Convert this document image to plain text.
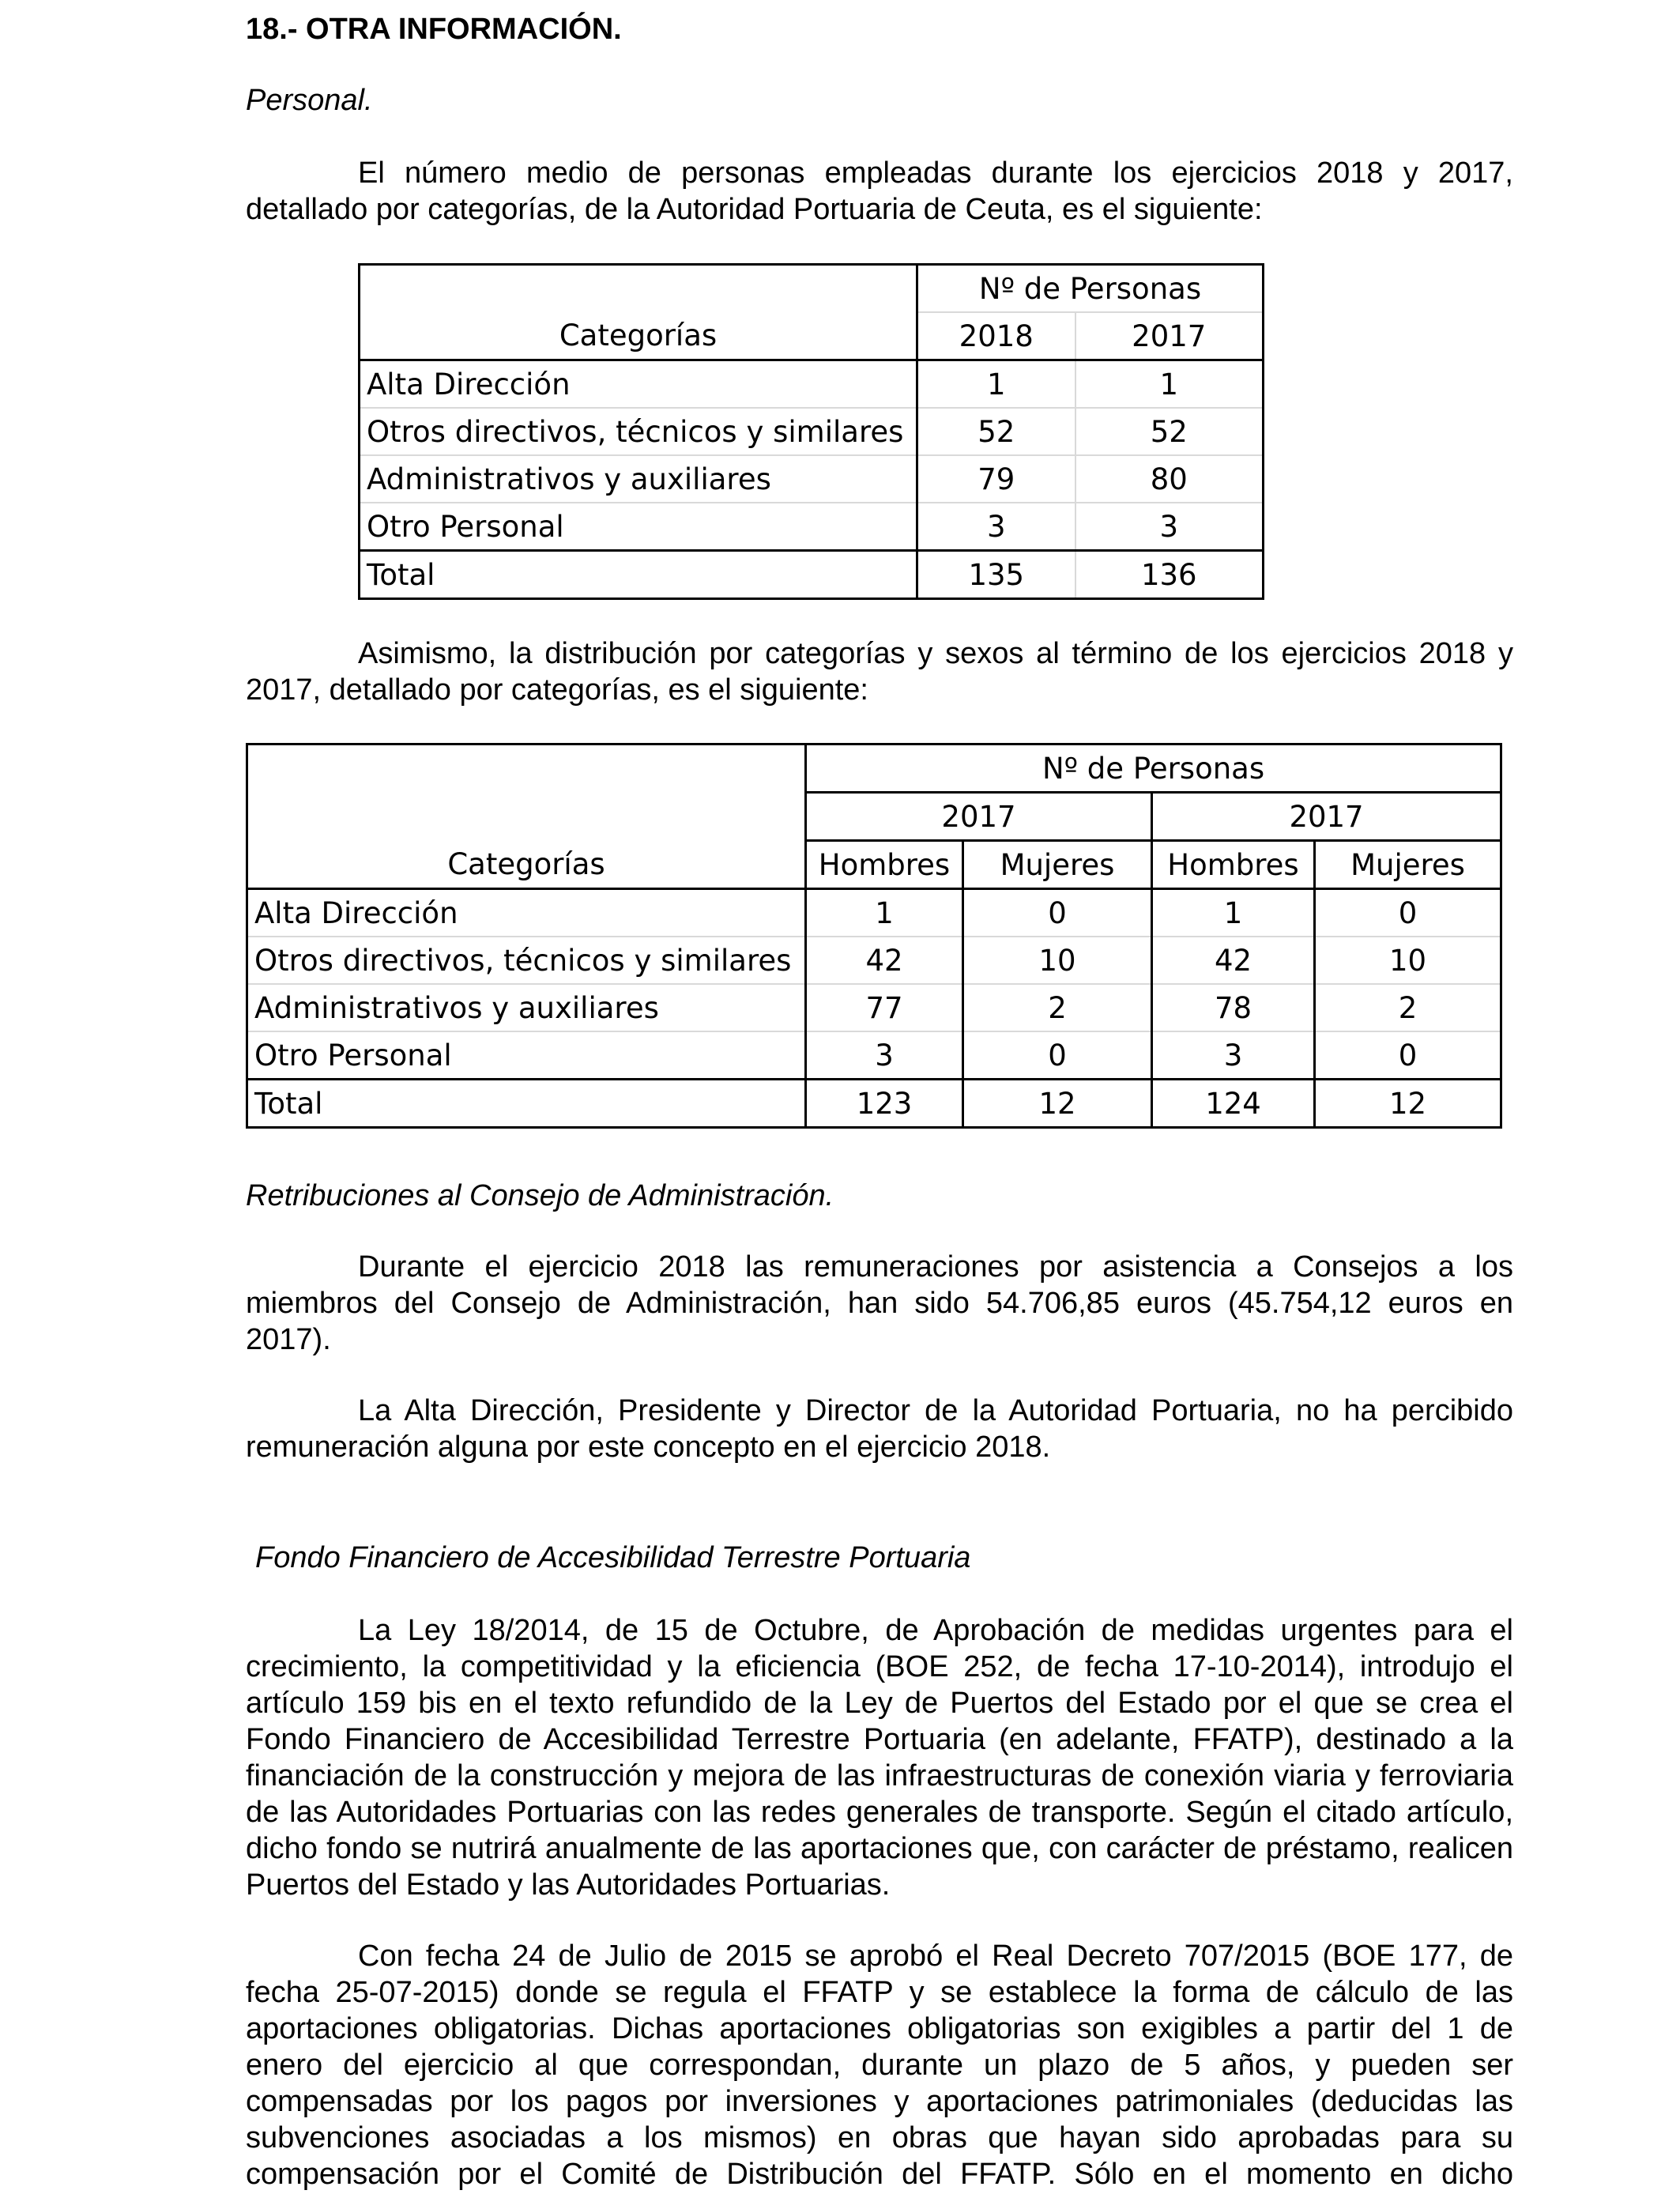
18.- OTRA INFORMACIÓN.
Personal.
El número medio de personas empleadas durante los ejercicios 2018 y 2017, detallado por categorías, de la Autoridad Portuaria de Ceuta, es el siguiente:
	Nº de Personas	
Categorías	2018	2017
Alta Dirección	1	1
Otros directivos, técnicos y similares	52	52
Administrativos y auxiliares	79	80
Otro Personal	3	3
Total	135	136
Asimismo, la distribución por categorías y sexos al término de los ejercicios 2018 y 2017, detallado por categorías, es el siguiente:
	Nº de Personas			
	2017		2017	
Categorías	Hombres	Mujeres	Hombres	Mujeres
Alta Dirección	1	0	1	0
Otros directivos, técnicos y similares	42	10	42	10
Administrativos y auxiliares	77	2	78	2
Otro Personal	3	0	3	0
Total	123	12	124	12
Retribuciones al Consejo de Administración.
Durante el ejercicio 2018 las remuneraciones por asistencia a Consejos a los miembros del Consejo de Administración, han sido 54.706,85 euros (45.754,12 euros en 2017).
La Alta Dirección, Presidente y Director de la Autoridad Portuaria, no ha percibido remuneración alguna por este concepto en el ejercicio 2018.
Fondo Financiero de Accesibilidad Terrestre Portuaria
La Ley 18/2014, de 15 de Octubre, de Aprobación de medidas urgentes para el crecimiento, la competitividad y la eficiencia (BOE 252, de fecha 17-10-2014), introdujo el artículo 159 bis en el texto refundido de la Ley de Puertos del Estado por el que se crea el Fondo Financiero de Accesibilidad Terrestre Portuaria (en adelante, FFATP), destinado a la financiación de la construcción y mejora de las infraestructuras de conexión viaria y ferroviaria de las Autoridades Portuarias con las redes generales de transporte. Según el citado artículo, dicho fondo se nutrirá anualmente de las aportaciones que, con carácter de préstamo, realicen Puertos del Estado y las Autoridades Portuarias.
Con fecha 24 de Julio de 2015 se aprobó el Real Decreto 707/2015 (BOE 177, de fecha 25-07-2015) donde se regula el FFATP y se establece la forma de cálculo de las aportaciones obligatorias. Dichas aportaciones obligatorias son exigibles a partir del 1 de enero del ejercicio al que correspondan, durante un plazo de 5 años, y pueden ser compensadas por los pagos por inversiones y aportaciones patrimoniales (deducidas las subvenciones asociadas a los mismos) en obras que hayan sido aprobadas para su compensación por el Comité de Distribución del FFATP. Sólo en el momento en dicho
